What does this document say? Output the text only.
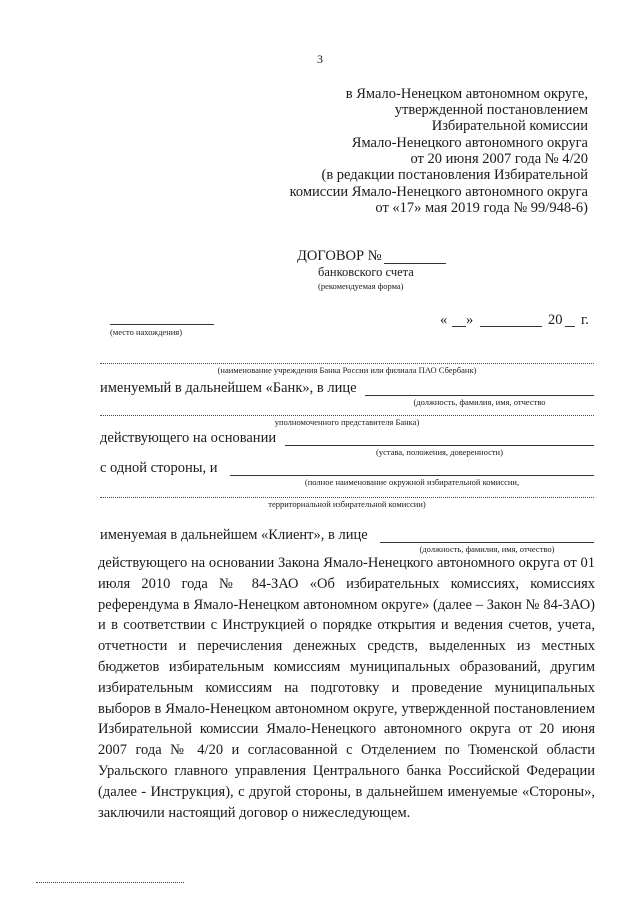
3
в Ямало-Ненецком автономном округе,
утвержденной постановлением
Избирательной комиссии
Ямало-Ненецкого автономного округа
от 20 июня 2007 года № 4/20
(в редакции постановления Избирательной
комиссии Ямало-Ненецкого автономного округа
от «17» мая 2019 года № 99/948-6)
ДОГОВОР №
банковского счета
(рекомендуемая форма)
(место нахождения)
« »	20 г.
(наименование учреждения Банка России или филиала ПАО Сбербанк)
именуемый в дальнейшем «Банк», в лице
(должность, фамилия, имя, отчество
уполномоченного представителя Банка)
действующего на основании
(устава, положения, доверенности)
с одной стороны, и
(полное наименование окружной избирательной комиссии,
территориальной избирательной комиссии)
именуемая в дальнейшем «Клиент», в лице
(должность, фамилия, имя, отчество)
действующего на основании Закона Ямало-Ненецкого автономного округа от 01 июля 2010 года № 84-ЗАО «Об избирательных комиссиях, комиссиях референдума в Ямало-Ненецком автономном округе» (далее – Закон № 84-ЗАО) и в соответствии с Инструкцией о порядке открытия и ведения счетов, учета, отчетности и перечисления денежных средств, выделенных из местных бюджетов избирательным комиссиям муниципальных образований, другим избирательным комиссиям на подготовку и проведение муниципальных выборов в Ямало-Ненецком автономном округе, утвержденной постановлением Избирательной комиссии Ямало-Ненецкого автономного округа от 20 июня 2007 года № 4/20 и согласованной с Отделением по Тюменской области Уральского главного управления Центрального банка Российской Федерации (далее - Инструкция), с другой стороны, в дальнейшем именуемые «Стороны», заключили настоящий договор о нижеследующем.
